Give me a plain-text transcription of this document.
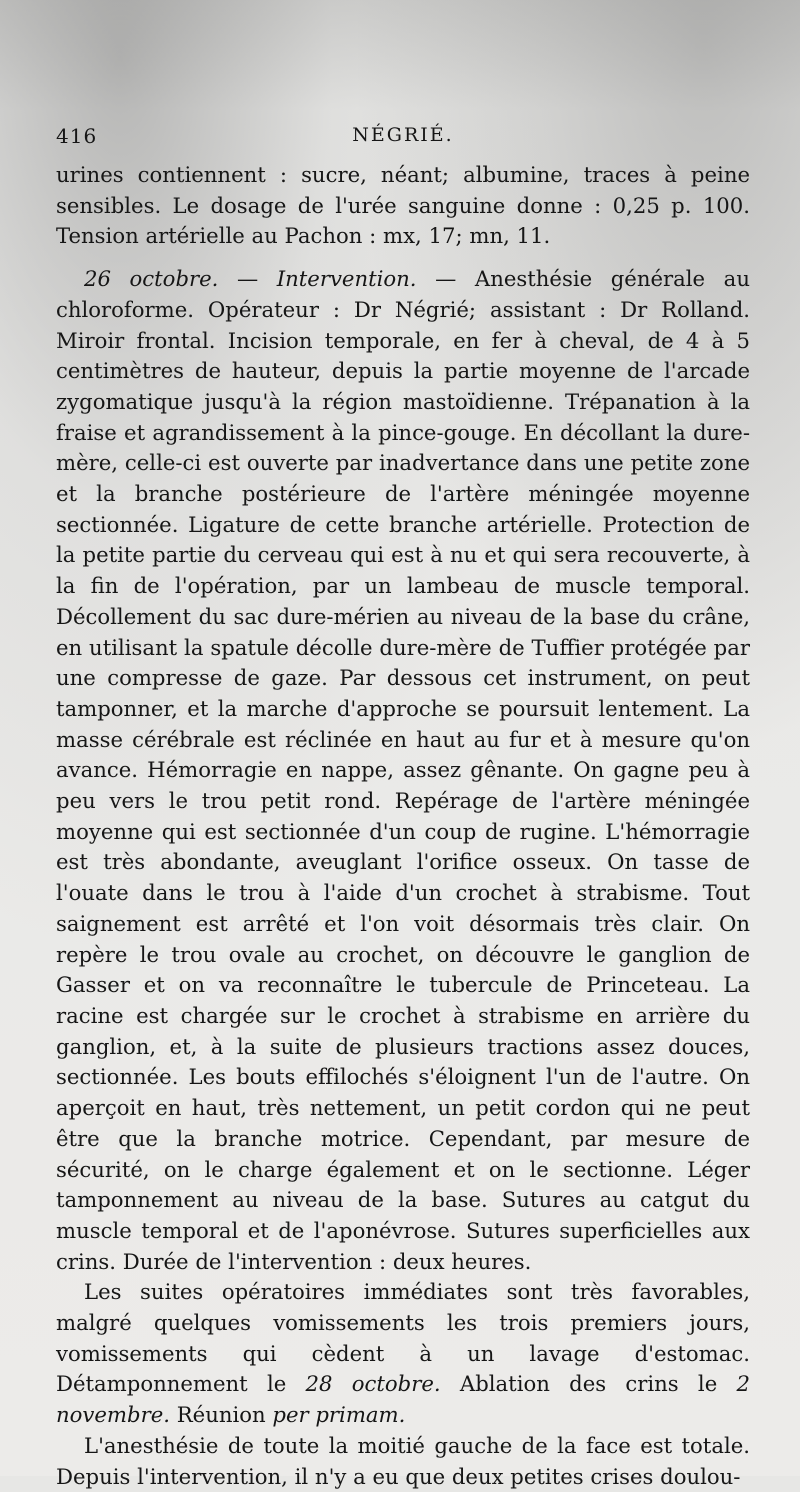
416	NÉGRIÉ.

urines contiennent : sucre, néant; albumine, traces à peine sensibles. Le dosage de l'urée sanguine donne : 0,25 p. 100. Tension artérielle au Pachon : mx, 17; mn, 11.

26 octobre. — Intervention. — Anesthésie générale au chloroforme. Opérateur : Dr Négrié; assistant : Dr Rolland. Miroir frontal. Incision temporale, en fer à cheval, de 4 à 5 centimètres de hauteur, depuis la partie moyenne de l'arcade zygomatique jusqu'à la région mastoïdienne. Trépanation à la fraise et agrandissement à la pince-gouge. En décollant la dure-mère, celle-ci est ouverte par inadvertance dans une petite zone et la branche postérieure de l'artère méningée moyenne sectionnée. Ligature de cette branche artérielle. Protection de la petite partie du cerveau qui est à nu et qui sera recouverte, à la fin de l'opération, par un lambeau de muscle temporal. Décollement du sac dure-mérien au niveau de la base du crâne, en utilisant la spatule décolle dure-mère de Tuffier protégée par une compresse de gaze. Par dessous cet instrument, on peut tamponner, et la marche d'approche se poursuit lentement. La masse cérébrale est réclinée en haut au fur et à mesure qu'on avance. Hémorragie en nappe, assez gênante. On gagne peu à peu vers le trou petit rond. Repérage de l'artère méningée moyenne qui est sectionnée d'un coup de rugine. L'hémorragie est très abondante, aveuglant l'orifice osseux. On tasse de l'ouate dans le trou à l'aide d'un crochet à strabisme. Tout saignement est arrêté et l'on voit désormais très clair. On repère le trou ovale au crochet, on découvre le ganglion de Gasser et on va reconnaître le tubercule de Princeteau. La racine est chargée sur le crochet à strabisme en arrière du ganglion, et, à la suite de plusieurs tractions assez douces, sectionnée. Les bouts effilochés s'éloignent l'un de l'autre. On aperçoit en haut, très nettement, un petit cordon qui ne peut être que la branche motrice. Cependant, par mesure de sécurité, on le charge également et on le sectionne. Léger tamponnement au niveau de la base. Sutures au catgut du muscle temporal et de l'aponévrose. Sutures superficielles aux crins. Durée de l'intervention : deux heures.

Les suites opératoires immédiates sont très favorables, malgré quelques vomissements les trois premiers jours, vomissements qui cèdent à un lavage d'estomac. Détamponnement le 28 octobre. Ablation des crins le 2 novembre. Réunion per primam.

L'anesthésie de toute la moitié gauche de la face est totale. Depuis l'intervention, il n'y a eu que deux petites crises doulou-
